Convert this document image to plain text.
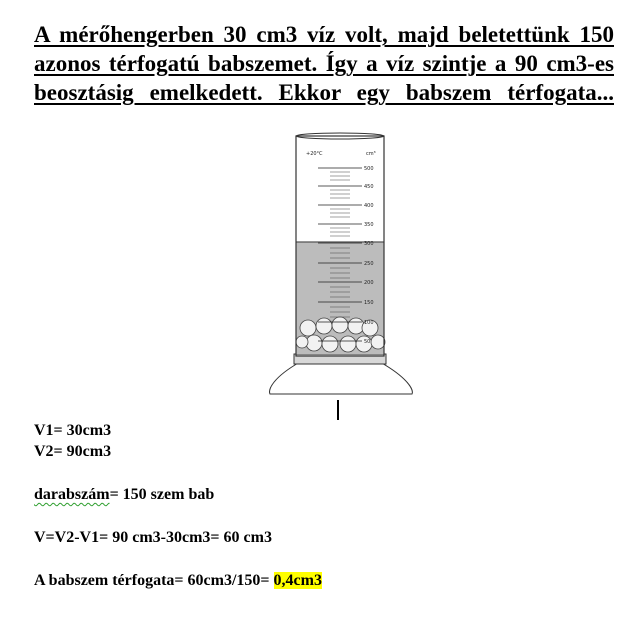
A mérőhengerben 30 cm3 víz volt, majd beletettünk 150
azonos térfogatú babszemet. Így a víz szintje a 90 cm3-es
beosztásig emelkedett. Ekkor egy babszem térfogata...
+20°C	cm³
500
450
400
350
300
250
200
150
100
50
V1= 30cm3
V2= 90cm3
darabszám= 150 szem bab
V=V2-V1= 90 cm3-30cm3= 60 cm3
A babszem térfogata= 60cm3/150= 0,4cm3
